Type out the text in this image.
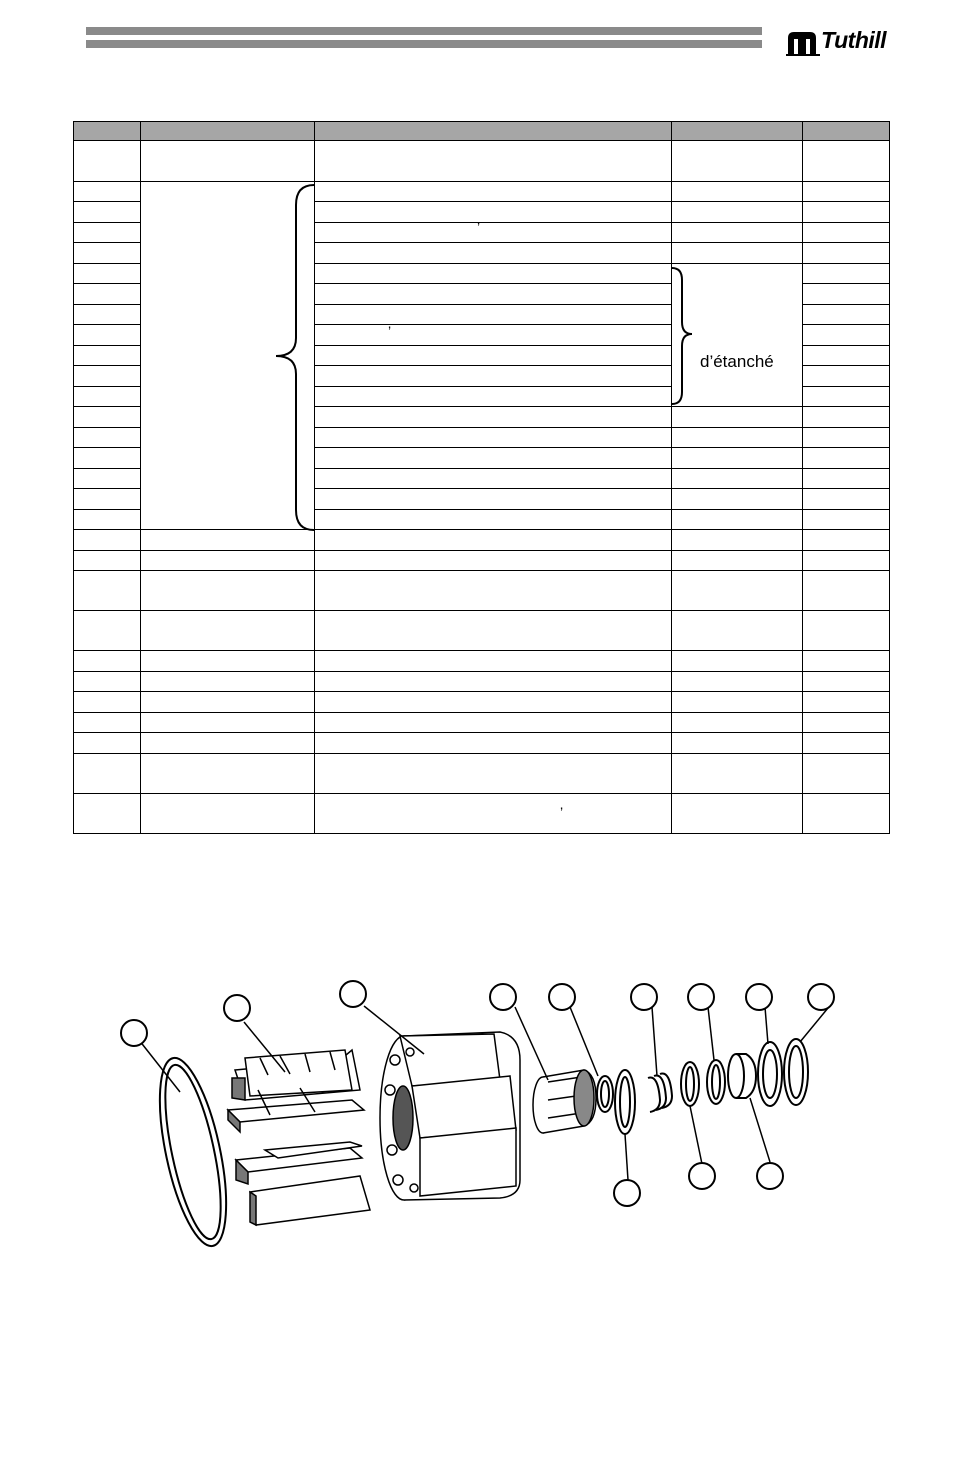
Tuthill

’
’
’
d’étanché
